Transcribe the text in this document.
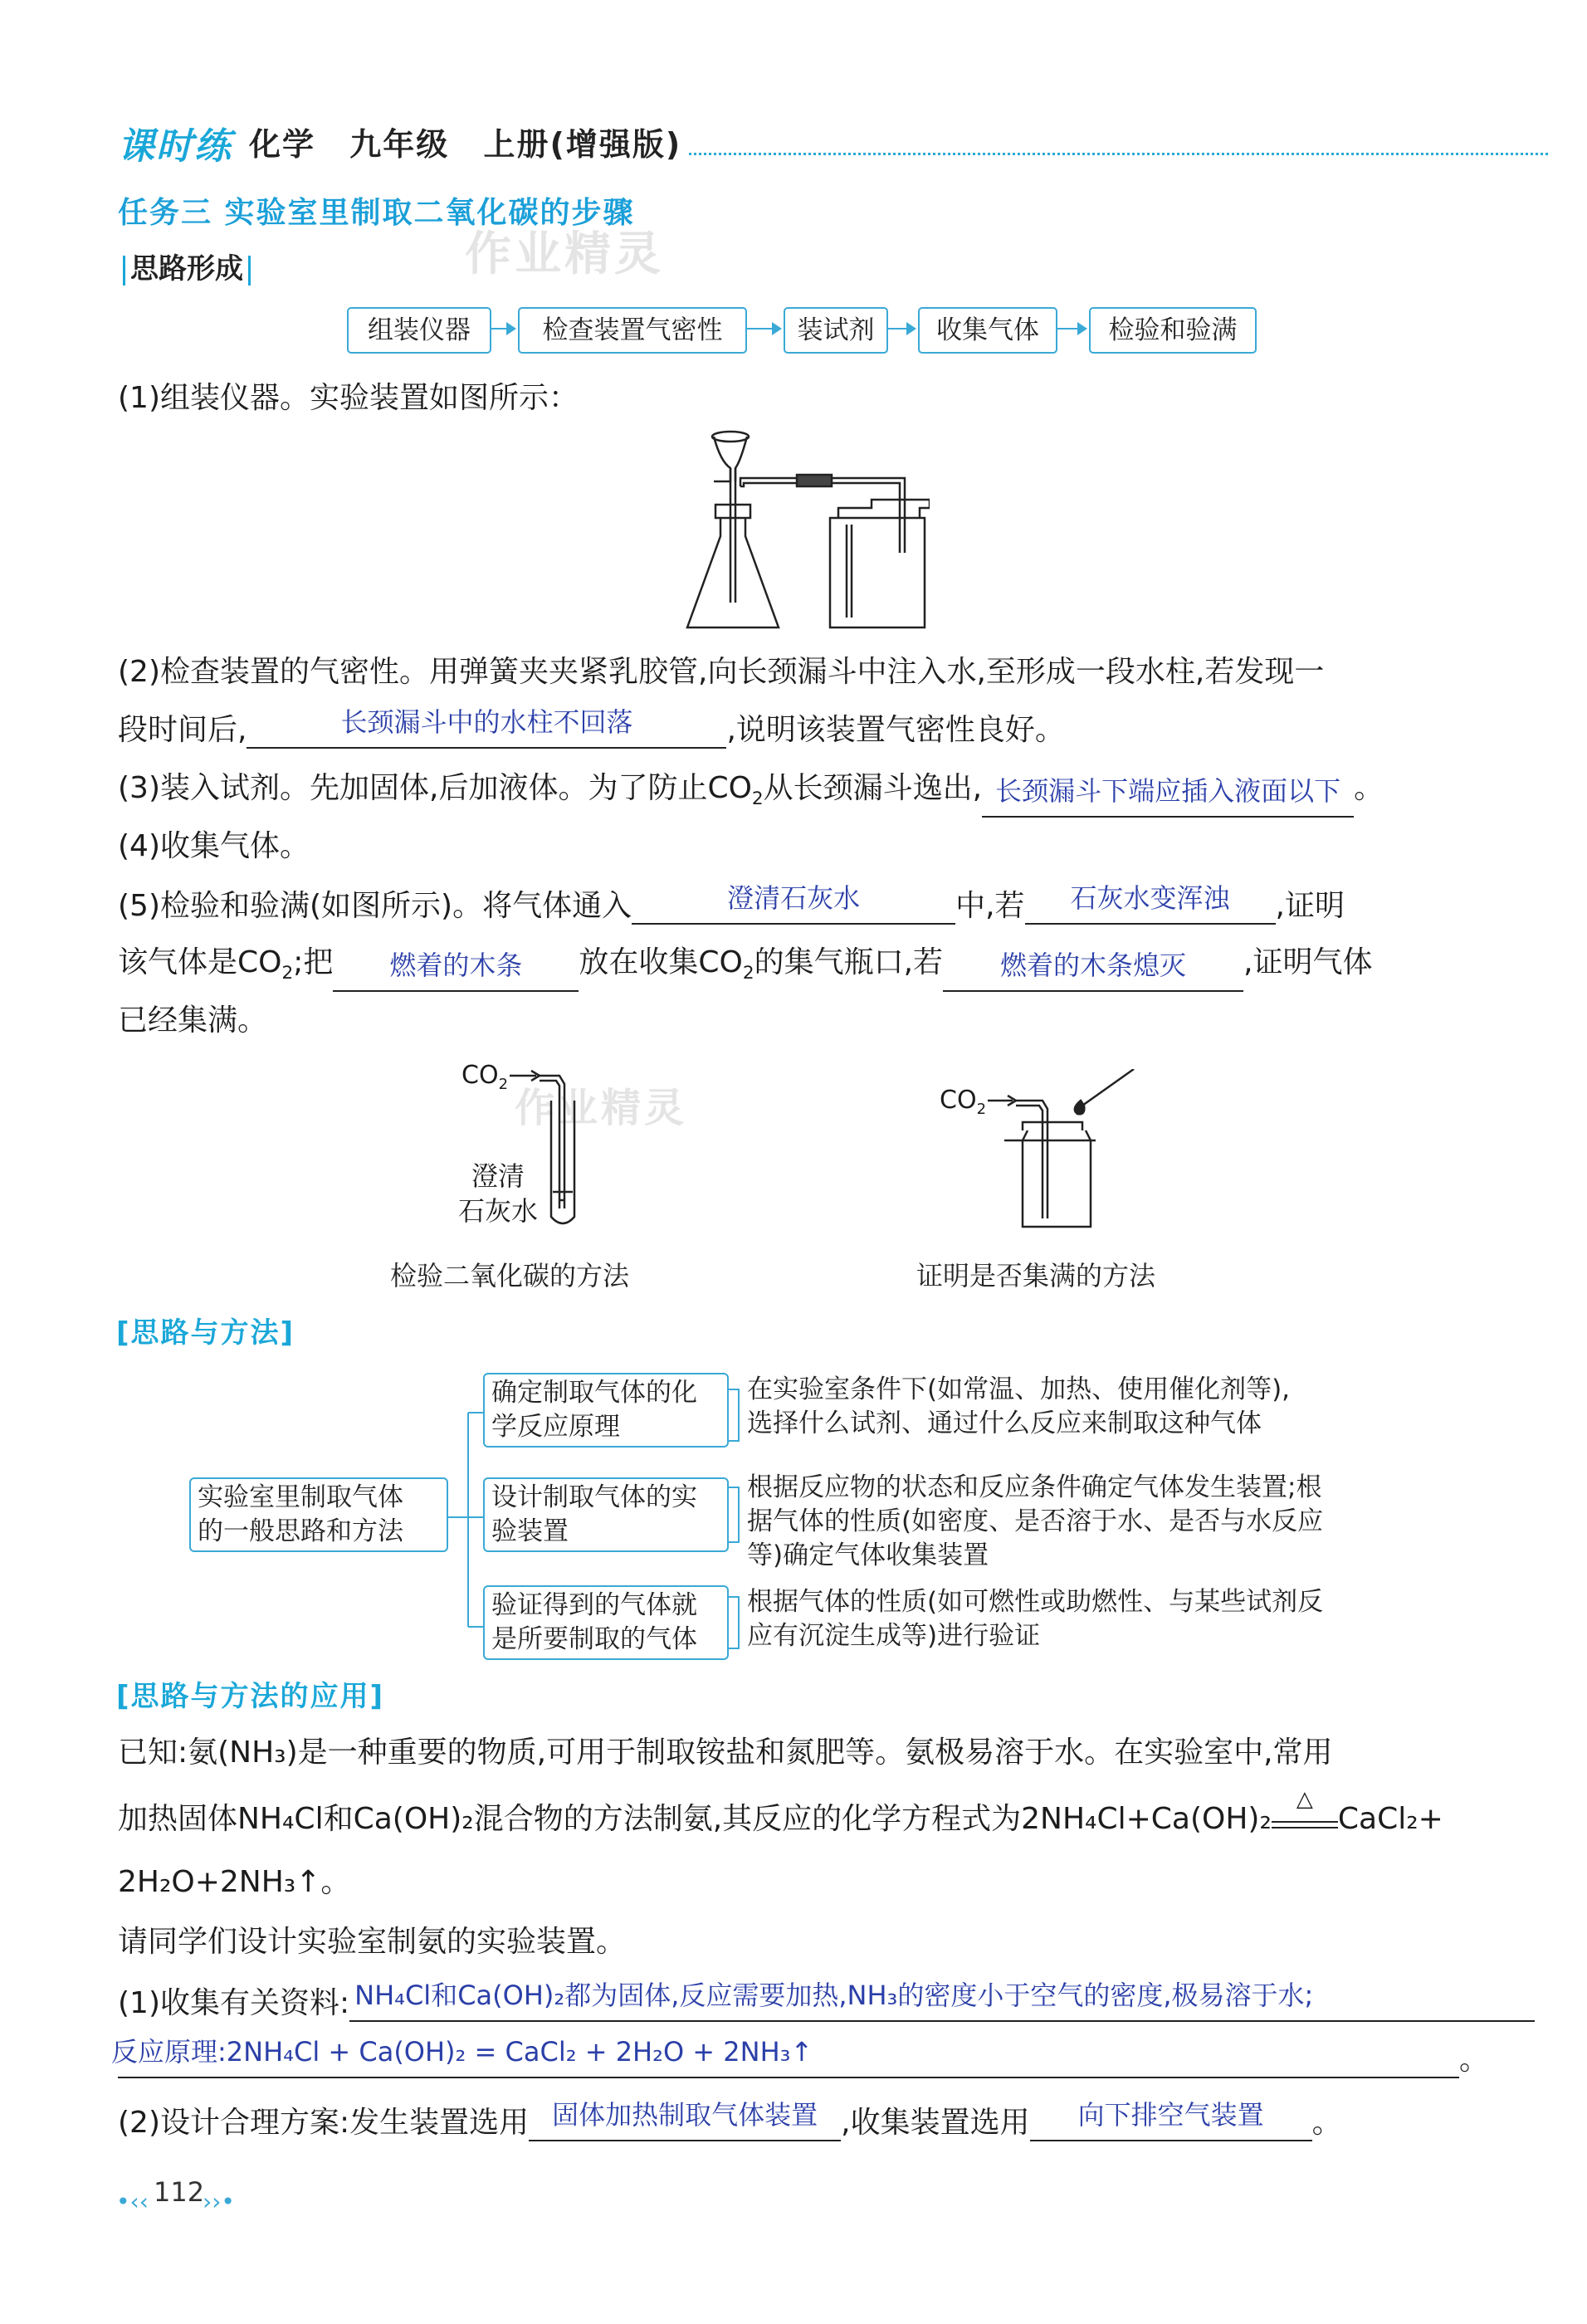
课时练 化学 九年级 上册(增强版)
任务三 实验室里制取二氧化碳的步骤
作业精灵
思路形成
组装仪器	检查装置气密性	装试剂	收集气体	检验和验满
(1)组装仪器。实验装置如图所示：
(2)检查装置的气密性。用弹簧夹夹紧乳胶管,向长颈漏斗中注入水,至形成一段水柱,若发现一
段时间后,	长颈漏斗中的水柱不回落	,说明该装置气密性良好。
(3)装入试剂。先加固体,后加液体。为了防止$CO_2$从长颈漏斗逸出, 长颈漏斗下端应插入液面以下 。
(4)收集气体。
(5)检验和验满(如图所示)。将气体通入	澄清石灰水	中,若	石灰水变浑浊	,证明
该气体是$CO_2$;把	燃着的木条	放在收集$CO_2$的集气瓶口,若	燃着的木条熄灭	,证明气体
已经集满。
$CO_2$
作业精灵
澄清
石灰水
$CO_2$
检验二氧化碳的方法	证明是否集满的方法
[思路与方法]
实验室里制取气体
的一般思路和方法
确定制取气体的化
学反应原理
在实验室条件下(如常温、加热、使用催化剂等),
选择什么试剂、通过什么反应来制取这种气体
设计制取气体的实
验装置
根据反应物的状态和反应条件确定气体发生装置;根
据气体的性质(如密度、是否溶于水、是否与水反应
等)确定气体收集装置
验证得到的气体就
是所要制取的气体
根据气体的性质(如可燃性或助燃性、与某些试剂反
应有沉淀生成等)进行验证
[思路与方法的应用]
已知:氨(NH₃)是一种重要的物质,可用于制取铵盐和氮肥等。氨极易溶于水。在实验室中,常用
加热固体NH₄Cl和Ca(OH)₂混合物的方法制氨,其反应的化学方程式为2NH₄Cl+Ca(OH)₂
△
CaCl₂+
2H₂O+2NH₃↑。
请同学们设计实验室制氨的实验装置。
(1)收集有关资料: NH₄Cl和Ca(OH)₂都为固体,反应需要加热,NH₃的密度小于空气的密度,极易溶于水;
反应原理:2NH₄Cl + Ca(OH)₂ = CaCl₂ + 2H₂O + 2NH₃↑	。
(2)设计合理方案:发生装置选用 固体加热制取气体装置 ,收集装置选用	向下排空气装置	。
•‹‹ 112
››•
